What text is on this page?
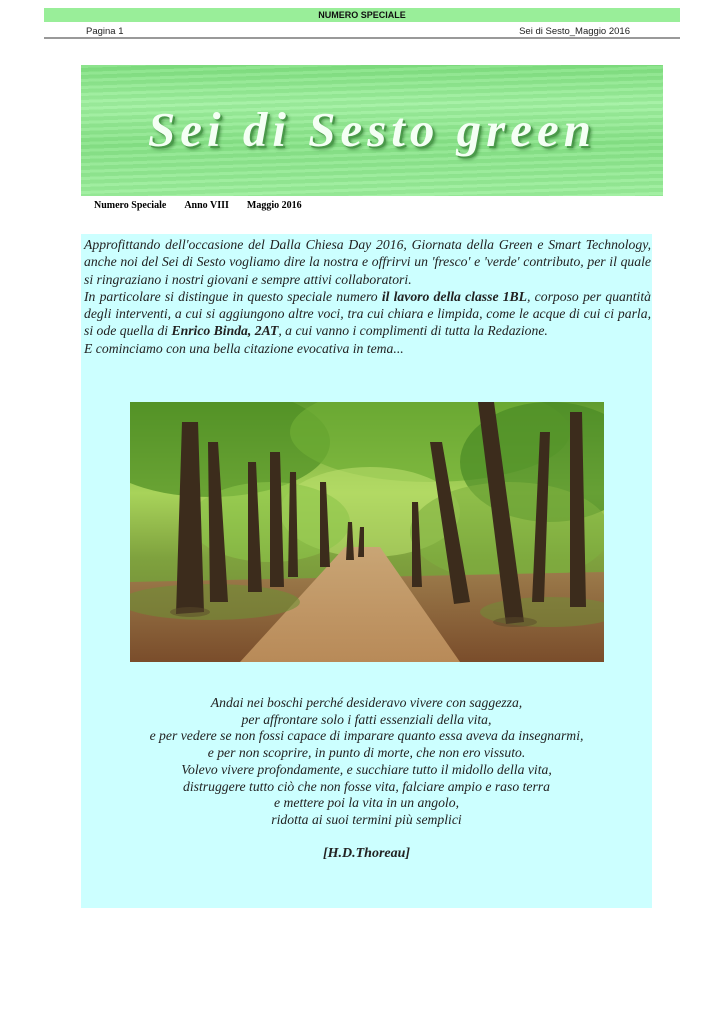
NUMERO SPECIALE
Pagina 1	Sei di Sesto_Maggio 2016
Sei di Sesto green
Numero Speciale Anno VIII Maggio 2016

Approfittando dell'occasione del Dalla Chiesa Day 2016, Giornata della Green e Smart Technology, anche noi del Sei di Sesto vogliamo dire la nostra e offrirvi un 'fresco' e 'verde' contributo, per il quale si ringraziano i nostri giovani e sempre attivi collaboratori.

In particolare si distingue in questo speciale numero il lavoro della classe 1BL, corposo per quantità degli interventi, a cui si aggiungono altre voci, tra cui chiara e limpida, come le acque di cui ci parla, si ode quella di Enrico Binda, 2AT, a cui vanno i complimenti di tutta la Redazione.

E cominciamo con una bella citazione evocativa in tema...

Andai nei boschi perché desideravo vivere con saggezza,
per affrontare solo i fatti essenziali della vita,
e per vedere se non fossi capace di imparare quanto essa aveva da insegnarmi,
e per non scoprire, in punto di morte, che non ero vissuto.
Volevo vivere profondamente, e succhiare tutto il midollo della vita,
distruggere tutto ciò che non fosse vita, falciare ampio e raso terra
e mettere poi la vita in un angolo,
ridotta ai suoi termini più semplici
[H.D.Thoreau]
